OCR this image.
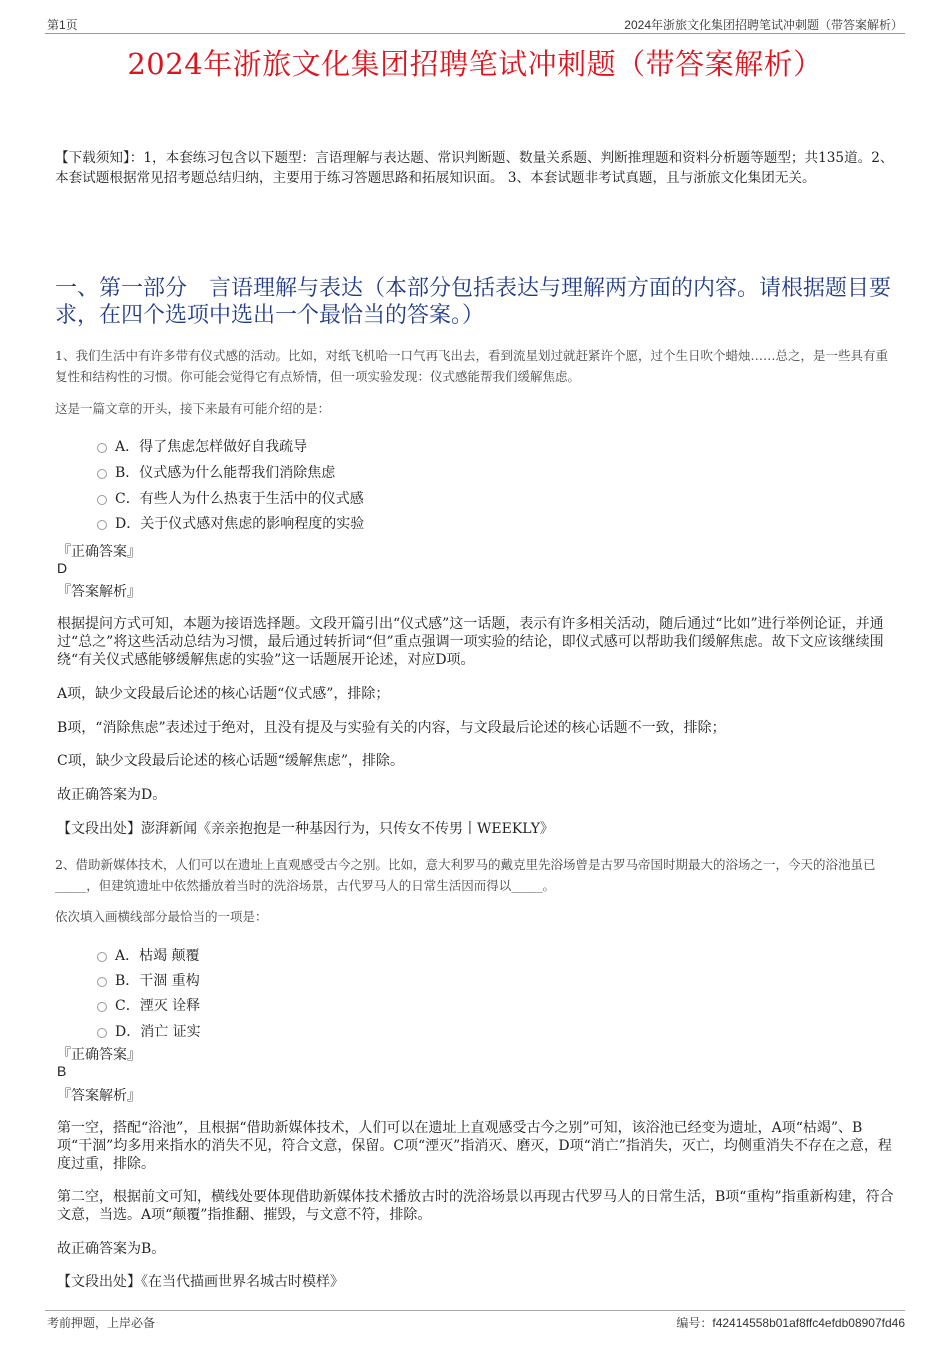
第1页	2024年浙旅文化集团招聘笔试冲刺题（带答案解析）
2024年浙旅文化集团招聘笔试冲刺题（带答案解析）
【下载须知】：1，本套练习包含以下题型：言语理解与表达题、常识判断题、数量关系题、判断推理题和资料分析题等题型；共135道。2、本套试题根据常见招考题总结归纳，主要用于练习答题思路和拓展知识面。 3、本套试题非考试真题，且与浙旅文化集团无关。
一、第一部分　言语理解与表达（本部分包括表达与理解两方面的内容。请根据题目要求，在四个选项中选出一个最恰当的答案。）
1、我们生活中有许多带有仪式感的活动。比如，对纸飞机哈一口气再飞出去，看到流星划过就赶紧许个愿，过个生日吹个蜡烛……总之，是一些具有重复性和结构性的习惯。你可能会觉得它有点矫情，但一项实验发现：仪式感能帮我们缓解焦虑。
这是一篇文章的开头，接下来最有可能介绍的是：
A．得了焦虑怎样做好自我疏导
B．仪式感为什么能帮我们消除焦虑
C．有些人为什么热衷于生活中的仪式感
D．关于仪式感对焦虑的影响程度的实验
『正确答案』
D
『答案解析』
根据提问方式可知，本题为接语选择题。文段开篇引出“仪式感”这一话题，表示有许多相关活动，随后通过“比如”进行举例论证，并通过“总之”将这些活动总结为习惯，最后通过转折词“但”重点强调一项实验的结论，即仪式感可以帮助我们缓解焦虑。故下文应该继续围绕“有关仪式感能够缓解焦虑的实验”这一话题展开论述，对应D项。
A项，缺少文段最后论述的核心话题“仪式感”，排除；
B项，“消除焦虑”表述过于绝对，且没有提及与实验有关的内容，与文段最后论述的核心话题不一致，排除；
C项，缺少文段最后论述的核心话题“缓解焦虑”，排除。
故正确答案为D。
【文段出处】澎湃新闻《亲亲抱抱是一种基因行为，只传女不传男丨WEEKLY》
2、借助新媒体技术，人们可以在遗址上直观感受古今之别。比如，意大利罗马的戴克里先浴场曾是古罗马帝国时期最大的浴场之一，今天的浴池虽已_____，但建筑遗址中依然播放着当时的洗浴场景，古代罗马人的日常生活因而得以_____。
依次填入画横线部分最恰当的一项是：
A．枯竭 颠覆
B．干涸 重构
C．湮灭 诠释
D．消亡 证实
『正确答案』
B
『答案解析』
第一空，搭配“浴池”，且根据“借助新媒体技术，人们可以在遗址上直观感受古今之别”可知，该浴池已经变为遗址，A项“枯竭”、B项“干涸”均多用来指水的消失不见，符合文意，保留。C项“湮灭”指消灭、磨灭，D项“消亡”指消失，灭亡，均侧重消失不存在之意，程度过重，排除。
第二空，根据前文可知，横线处要体现借助新媒体技术播放古时的洗浴场景以再现古代罗马人的日常生活，B项“重构”指重新构建，符合文意，当选。A项“颠覆”指推翻、摧毁，与文意不符，排除。
故正确答案为B。
【文段出处】《在当代描画世界名城古时模样》
考前押题，上岸必备	编号：f42414558b01af8ffc4efdb08907fd46
